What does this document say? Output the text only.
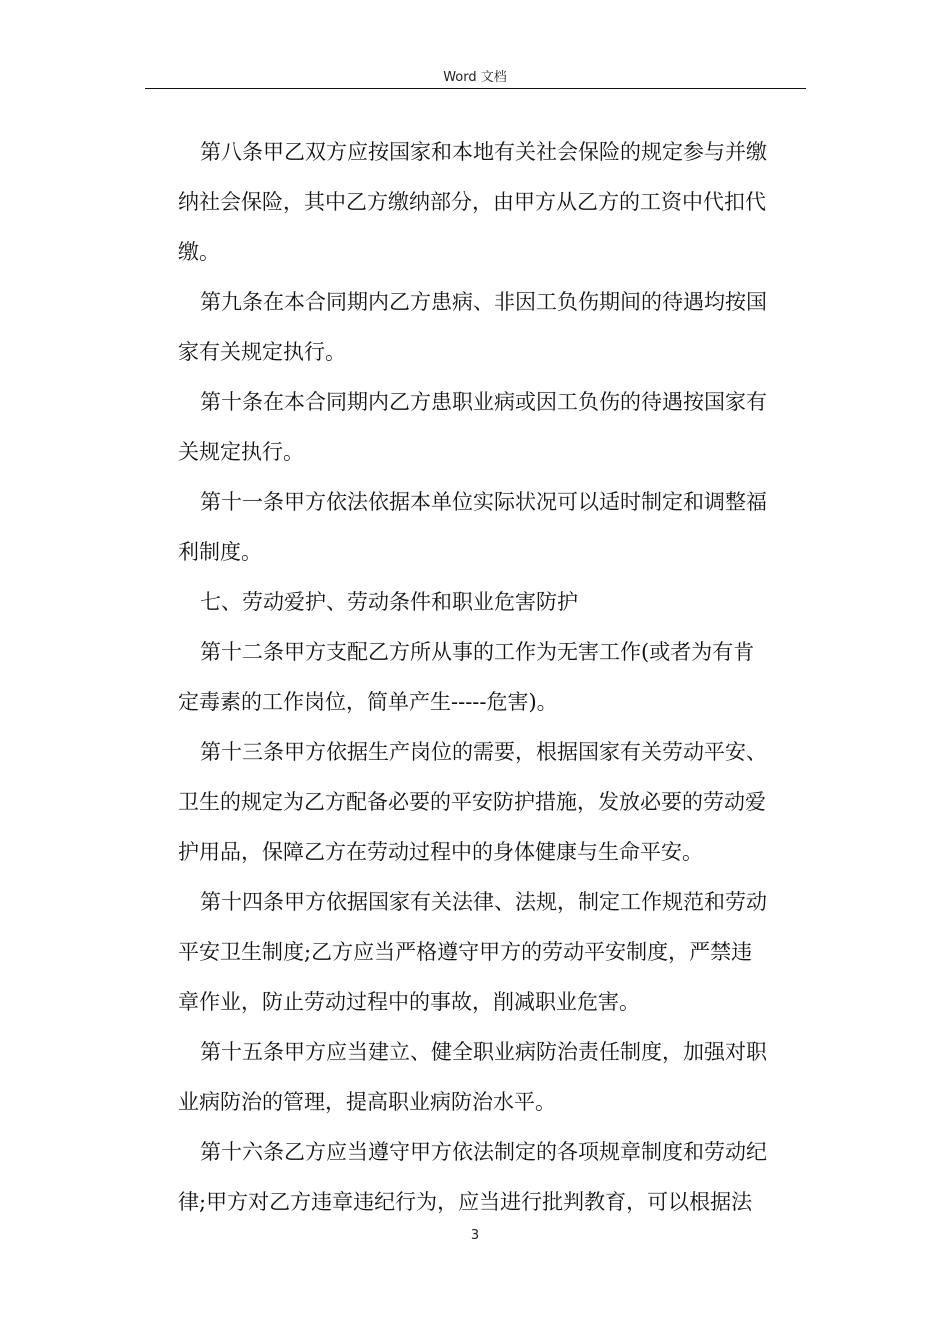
Word 文档
第八条甲乙双方应按国家和本地有关社会保险的规定参与并缴
纳社会保险，其中乙方缴纳部分，由甲方从乙方的工资中代扣代
缴。
第九条在本合同期内乙方患病、非因工负伤期间的待遇均按国
家有关规定执行。
第十条在本合同期内乙方患职业病或因工负伤的待遇按国家有
关规定执行。
第十一条甲方依法依据本单位实际状况可以适时制定和调整福
利制度。
七、劳动爱护、劳动条件和职业危害防护
第十二条甲方支配乙方所从事的工作为无害工作(或者为有肯
定毒素的工作岗位，简单产生-----危害)。
第十三条甲方依据生产岗位的需要，根据国家有关劳动平安、
卫生的规定为乙方配备必要的平安防护措施，发放必要的劳动爱
护用品，保障乙方在劳动过程中的身体健康与生命平安。
第十四条甲方依据国家有关法律、法规，制定工作规范和劳动
平安卫生制度;乙方应当严格遵守甲方的劳动平安制度，严禁违
章作业，防止劳动过程中的事故，削减职业危害。
第十五条甲方应当建立、健全职业病防治责任制度，加强对职
业病防治的管理，提高职业病防治水平。
第十六条乙方应当遵守甲方依法制定的各项规章制度和劳动纪
律;甲方对乙方违章违纪行为，应当进行批判教育，可以根据法
3
